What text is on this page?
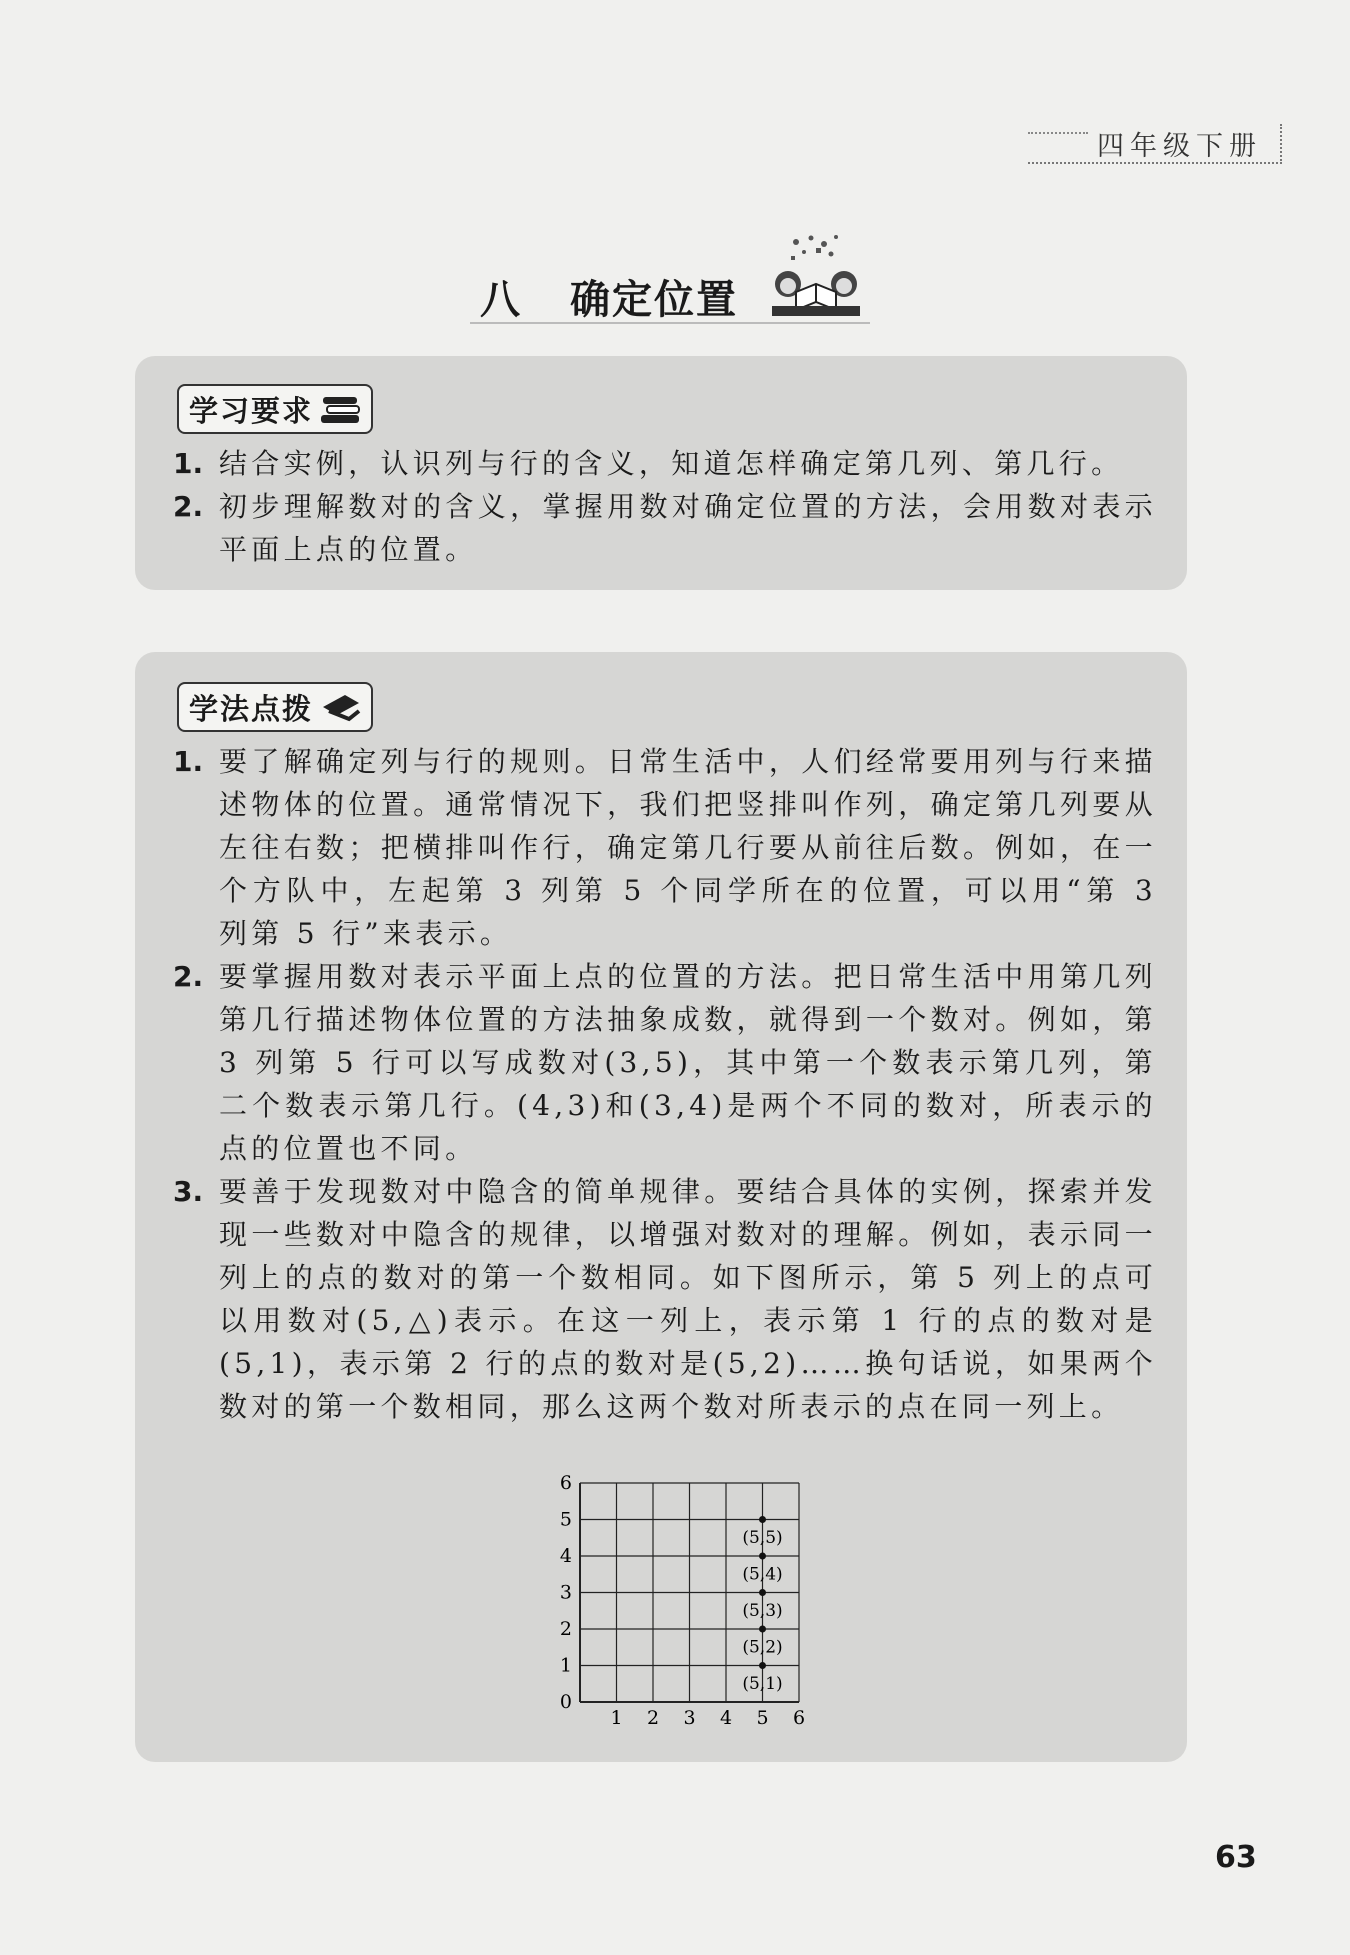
四年级下册
八 确定位置
学习要求
1. 结合实例，认识列与行的含义，知道怎样确定第几列、第几行。
2. 初步理解数对的含义，掌握用数对确定位置的方法，会用数对表示平面上点的位置。
学法点拨
1. 要了解确定列与行的规则。日常生活中，人们经常要用列与行来描述物体的位置。通常情况下，我们把竖排叫作列，确定第几列要从左往右数；把横排叫作行，确定第几行要从前往后数。例如，在一个方队中，左起第 3 列第 5 个同学所在的位置，可以用“第 3 列第 5 行”来表示。
2. 要掌握用数对表示平面上点的位置的方法。把日常生活中用第几列第几行描述物体位置的方法抽象成数，就得到一个数对。例如，第 3 列第 5 行可以写成数对(3,5)，其中第一个数表示第几列，第二个数表示第几行。(4,3)和(3,4)是两个不同的数对，所表示的点的位置也不同。
3. 要善于发现数对中隐含的简单规律。要结合具体的实例，探索并发现一些数对中隐含的规律，以增强对数对的理解。例如，表示同一列上的点的数对的第一个数相同。如下图所示，第 5 列上的点可以用数对(5,△)表示。在这一列上，表示第 1 行的点的数对是(5,1)，表示第 2 行的点的数对是(5,2)……换句话说，如果两个数对的第一个数相同，那么这两个数对所表示的点在同一列上。
1 2 3 4 5 6
0
1
2
3
4
5
6
(5,1)
(5,2)
(5,3)
(5,4)
(5,5)
63
